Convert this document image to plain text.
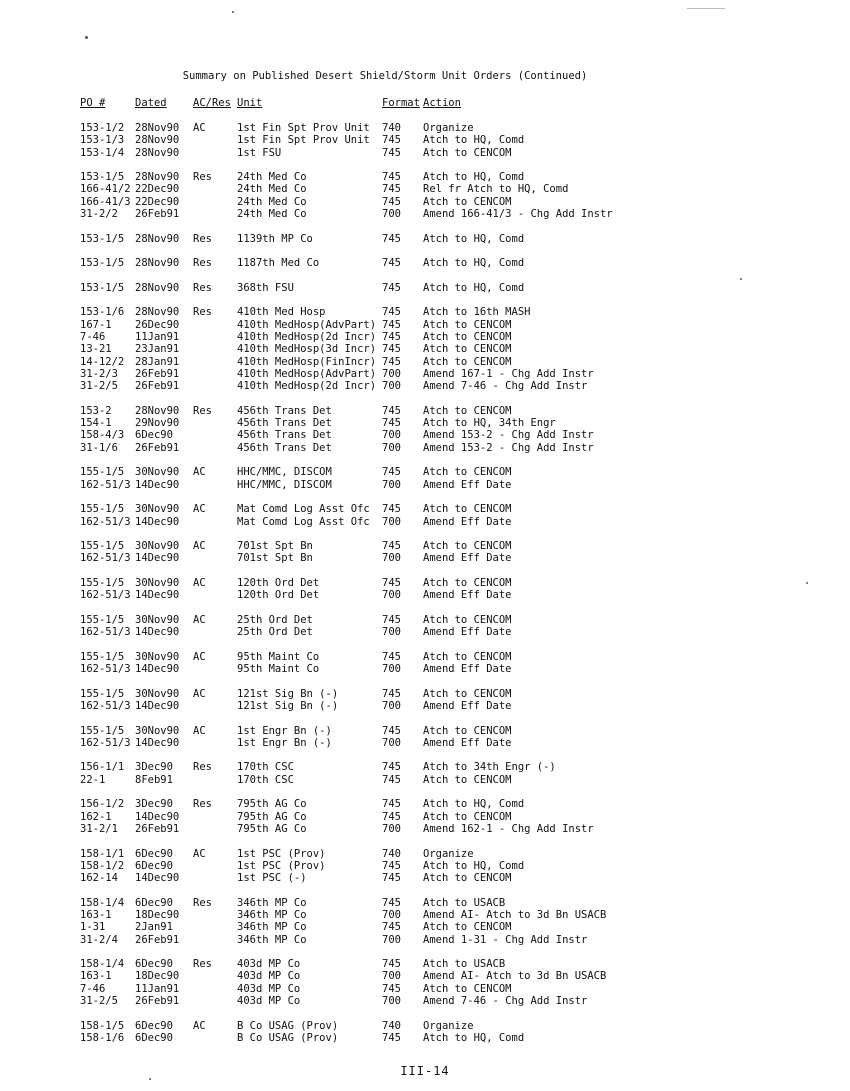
Summary on Published Desert Shield/Storm Unit Orders (Continued)
PO #	Dated	AC/Res Unit	Format Action
153-1/2 28Nov90 AC	1st Fin Spt Prov Unit 740 Organize
153-1/3 28Nov90	1st Fin Spt Prov Unit 745 Atch to HQ, Comd
153-1/4 28Nov90	1st FSU	745 Atch to CENCOM
153-1/5 28Nov90 Res 24th Med Co	745 Atch to HQ, Comd
166-41/2 22Dec90	24th Med Co	745 Rel fr Atch to HQ, Comd
166-41/3 22Dec90	24th Med Co	745 Atch to CENCOM
31-2/2 26Feb91	24th Med Co	700 Amend 166-41/3 - Chg Add Instr
153-1/5 28Nov90 Res 1139th MP Co	745 Atch to HQ, Comd
153-1/5 28Nov90 Res 1187th Med Co	745 Atch to HQ, Comd
153-1/5 28Nov90 Res 368th FSU	745 Atch to HQ, Comd
153-1/6 28Nov90 Res 410th Med Hosp	745 Atch to 16th MASH
167-1 26Dec90	410th MedHosp(AdvPart) 745 Atch to CENCOM
7-46	11Jan91	410th MedHosp(2d Incr) 745 Atch to CENCOM
13-21 23Jan91	410th MedHosp(3d Incr) 745 Atch to CENCOM
14-12/2 28Jan91	410th MedHosp(FinIncr) 745 Atch to CENCOM
31-2/3 26Feb91	410th MedHosp(AdvPart) 700 Amend 167-1 - Chg Add Instr
31-2/5 26Feb91	410th MedHosp(2d Incr) 700 Amend 7-46 - Chg Add Instr
153-2 28Nov90 Res 456th Trans Det	745 Atch to CENCOM
154-1 29Nov90	456th Trans Det	745 Atch to HQ, 34th Engr
158-4/3 6Dec90	456th Trans Det	700 Amend 153-2 - Chg Add Instr
31-1/6 26Feb91	456th Trans Det	700 Amend 153-2 - Chg Add Instr
155-1/5 30Nov90 AC	HHC/MMC, DISCOM	745 Atch to CENCOM
162-51/3 14Dec90	HHC/MMC, DISCOM	700 Amend Eff Date
155-1/5 30Nov90 AC	Mat Comd Log Asst Ofc 745 Atch to CENCOM
162-51/3 14Dec90	Mat Comd Log Asst Ofc 700 Amend Eff Date
155-1/5 30Nov90 AC	701st Spt Bn	745 Atch to CENCOM
162-51/3 14Dec90	701st Spt Bn	700 Amend Eff Date
155-1/5 30Nov90 AC	120th Ord Det	745 Atch to CENCOM
162-51/3 14Dec90	120th Ord Det	700 Amend Eff Date
155-1/5 30Nov90 AC	25th Ord Det	745 Atch to CENCOM
162-51/3 14Dec90	25th Ord Det	700 Amend Eff Date
155-1/5 30Nov90 AC	95th Maint Co	745 Atch to CENCOM
162-51/3 14Dec90	95th Maint Co	700 Amend Eff Date
155-1/5 30Nov90 AC	121st Sig Bn (-)	745 Atch to CENCOM
162-51/3 14Dec90	121st Sig Bn (-)	700 Amend Eff Date
155-1/5 30Nov90 AC	1st Engr Bn (-)	745 Atch to CENCOM
162-51/3 14Dec90	1st Engr Bn (-)	700 Amend Eff Date
156-1/1 3Dec90 Res 170th CSC	745 Atch to 34th Engr (-)
22-1	8Feb91	170th CSC	745 Atch to CENCOM
156-1/2 3Dec90 Res 795th AG Co	745 Atch to HQ, Comd
162-1 14Dec90	795th AG Co	745 Atch to CENCOM
31-2/1 26Feb91	795th AG Co	700 Amend 162-1 - Chg Add Instr
158-1/1 6Dec90 AC	1st PSC (Prov)	740 Organize
158-1/2 6Dec90	1st PSC (Prov)	745 Atch to HQ, Comd
162-14 14Dec90	1st PSC (-)	745 Atch to CENCOM
158-1/4 6Dec90 Res 346th MP Co	745 Atch to USACB
163-1 18Dec90	346th MP Co	700 Amend AI- Atch to 3d Bn USACB
1-31	2Jan91	346th MP Co	745 Atch to CENCOM
31-2/4 26Feb91	346th MP Co	700 Amend 1-31 - Chg Add Instr
158-1/4 6Dec90 Res 403d MP Co	745 Atch to USACB
163-1 18Dec90	403d MP Co	700 Amend AI- Atch to 3d Bn USACB
7-46	11Jan91	403d MP Co	745 Atch to CENCOM
31-2/5 26Feb91	403d MP Co	700 Amend 7-46 - Chg Add Instr
158-1/5 6Dec90 AC	B Co USAG (Prov)	740 Organize
158-1/6 6Dec90	B Co USAG (Prov)	745 Atch to HQ, Comd
III-14
